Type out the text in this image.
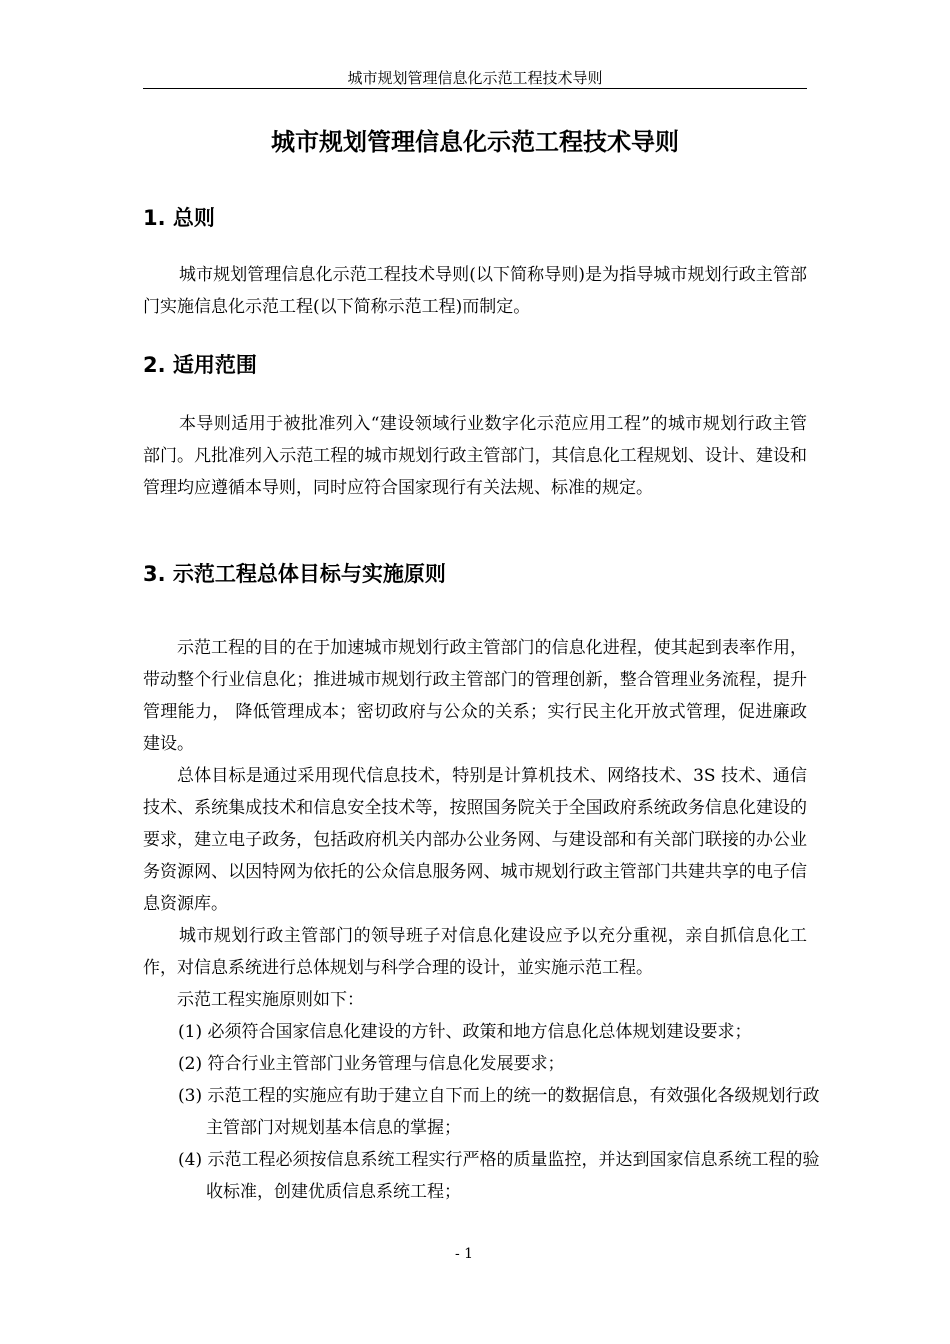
城市规划管理信息化示范工程技术导则
城市规划管理信息化示范工程技术导则
1. 总则

城市规划管理信息化示范工程技术导则(以下简称导则)是为指导城市规划行政主管部门实施信息化示范工程(以下简称示范工程)而制定。

2. 适用范围

本导则适用于被批准列入“建设领域行业数字化示范应用工程”的城市规划行政主管部门。凡批准列入示范工程的城市规划行政主管部门，其信息化工程规划、设计、建设和管理均应遵循本导则，同时应符合国家现行有关法规、标准的规定。

3. 示范工程总体目标与实施原则

示范工程的目的在于加速城市规划行政主管部门的信息化进程，使其起到表率作用，带动整个行业信息化；推进城市规划行政主管部门的管理创新，整合管理业务流程，提升管理能力， 降低管理成本；密切政府与公众的关系；实行民主化开放式管理，促进廉政建设。

总体目标是通过采用现代信息技术，特别是计算机技术、网络技术、3S 技术、通信技术、系统集成技术和信息安全技术等，按照国务院关于全国政府系统政务信息化建设的要求，建立电子政务，包括政府机关内部办公业务网、与建设部和有关部门联接的办公业务资源网、以因特网为依托的公众信息服务网、城市规划行政主管部门共建共享的电子信息资源库。

城市规划行政主管部门的领导班子对信息化建设应予以充分重视，亲自抓信息化工作，对信息系统进行总体规划与科学合理的设计，並实施示范工程。

示范工程实施原则如下：

(1) 必须符合国家信息化建设的方针、政策和地方信息化总体规划建设要求；

(2) 符合行业主管部门业务管理与信息化发展要求；

(3) 示范工程的实施应有助于建立自下而上的统一的数据信息，有效强化各级规划行政主管部门对规划基本信息的掌握；

(4) 示范工程必须按信息系统工程实行严格的质量监控，并达到国家信息系统工程的验收标准，创建优质信息系统工程；

- 1
